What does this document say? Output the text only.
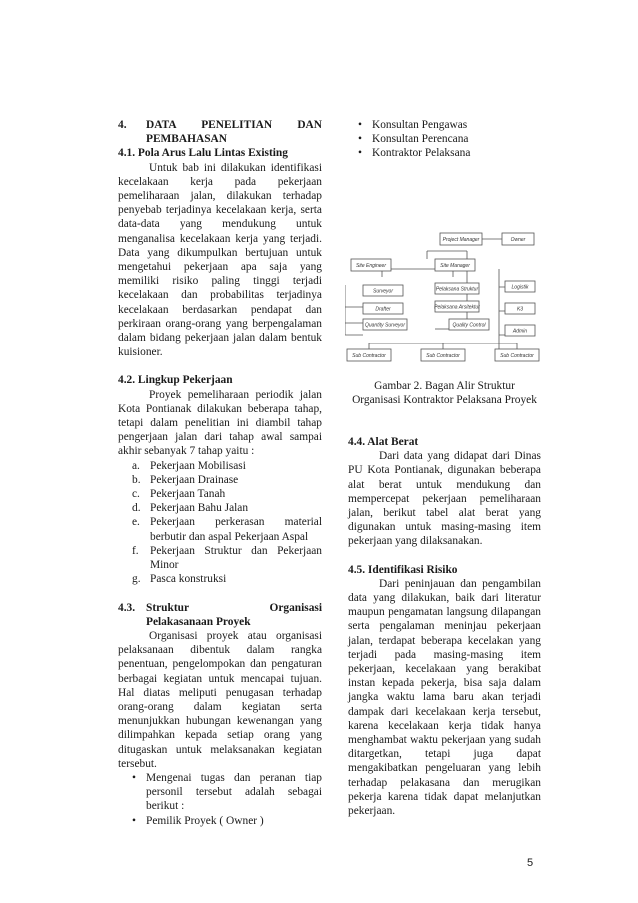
4.	DATA PENELITIAN DAN
PEMBAHASAN
4.1. Pola Arus Lalu Lintas Existing
Untuk bab ini dilakukan identifikasi kecelakaan kerja pada pekerjaan pemeliharaan jalan, dilakukan terhadap penyebab terjadinya kecelakaan kerja, serta data-data yang mendukung untuk menganalisa kecelakaan kerja yang terjadi. Data yang dikumpulkan bertujuan untuk mengetahui pekerjaan apa saja yang memiliki risiko paling tinggi terjadi kecelakaan dan probabilitas terjadinya kecelakaan berdasarkan pendapat dan perkiraan orang-orang yang berpengalaman dalam bidang pekerjaan jalan dalam bentuk kuisioner.
4.2. Lingkup Pekerjaan
Proyek pemeliharaan periodik jalan Kota Pontianak dilakukan beberapa tahap, tetapi dalam penelitian ini diambil tahap pengerjaan jalan dari tahap awal sampai akhir sebanyak 7 tahap yaitu :
a. Pekerjaan Mobilisasi
b. Pekerjaan Drainase
c. Pekerjaan Tanah
d. Pekerjaan Bahu Jalan
e. Pekerjaan perkerasan material berbutir dan aspal Pekerjaan Aspal
f. Pekerjaan Struktur dan Pekerjaan Minor
g. Pasca konstruksi
4.3. Struktur Organisasi
Pelakasanaan Proyek
Organisasi proyek atau organisasi pelaksanaan dibentuk dalam rangka penentuan, pengelompokan dan pengaturan berbagai kegiatan untuk mencapai tujuan. Hal diatas meliputi penugasan terhadap orang-orang dalam kegiatan serta menunjukkan hubungan kewenangan yang dilimpahkan kepada setiap orang yang ditugaskan untuk melaksanakan kegiatan tersebut.
• Mengenai tugas dan peranan tiap personil tersebut adalah sebagai berikut :
• Pemilik Proyek ( Owner )
• Konsultan Pengawas
• Konsultan Perencana
• Kontraktor Pelaksana
Project Manager	Owner
Site Engineer	Site Manager
Surveyor
Drafter
Quantity Surveyor
Pelaksana Struktur
Pelaksana Arsitektur
Quality Control
Logistik
K3
Admin
Sub Contractor	Sub Contractor	Sub Contractor
Gambar 2. Bagan Alir Struktur
Organisasi Kontraktor Pelaksana Proyek
4.4. Alat Berat
Dari data yang didapat dari Dinas PU Kota Pontianak, digunakan beberapa alat berat untuk mendukung dan mempercepat pekerjaan pemeliharaan jalan, berikut tabel alat berat yang digunakan untuk masing-masing item pekerjaan yang dilaksanakan.
4.5. Identifikasi Risiko
Dari peninjauan dan pengambilan data yang dilakukan, baik dari literatur maupun pengamatan langsung dilapangan serta pengalaman meninjau pekerjaan jalan, terdapat beberapa kecelakan yang terjadi pada masing-masing item pekerjaan, kecelakaan yang berakibat instan kepada pekerja, bisa saja dalam jangka waktu lama baru akan terjadi dampak dari kecelakaan kerja tersebut, karena kecelakaan kerja tidak hanya menghambat waktu pekerjaan yang sudah ditargetkan, tetapi juga dapat mengakibatkan pengeluaran yang lebih terhadap pelakasana dan merugikan pekerja karena tidak dapat melanjutkan pekerjaan.
5
